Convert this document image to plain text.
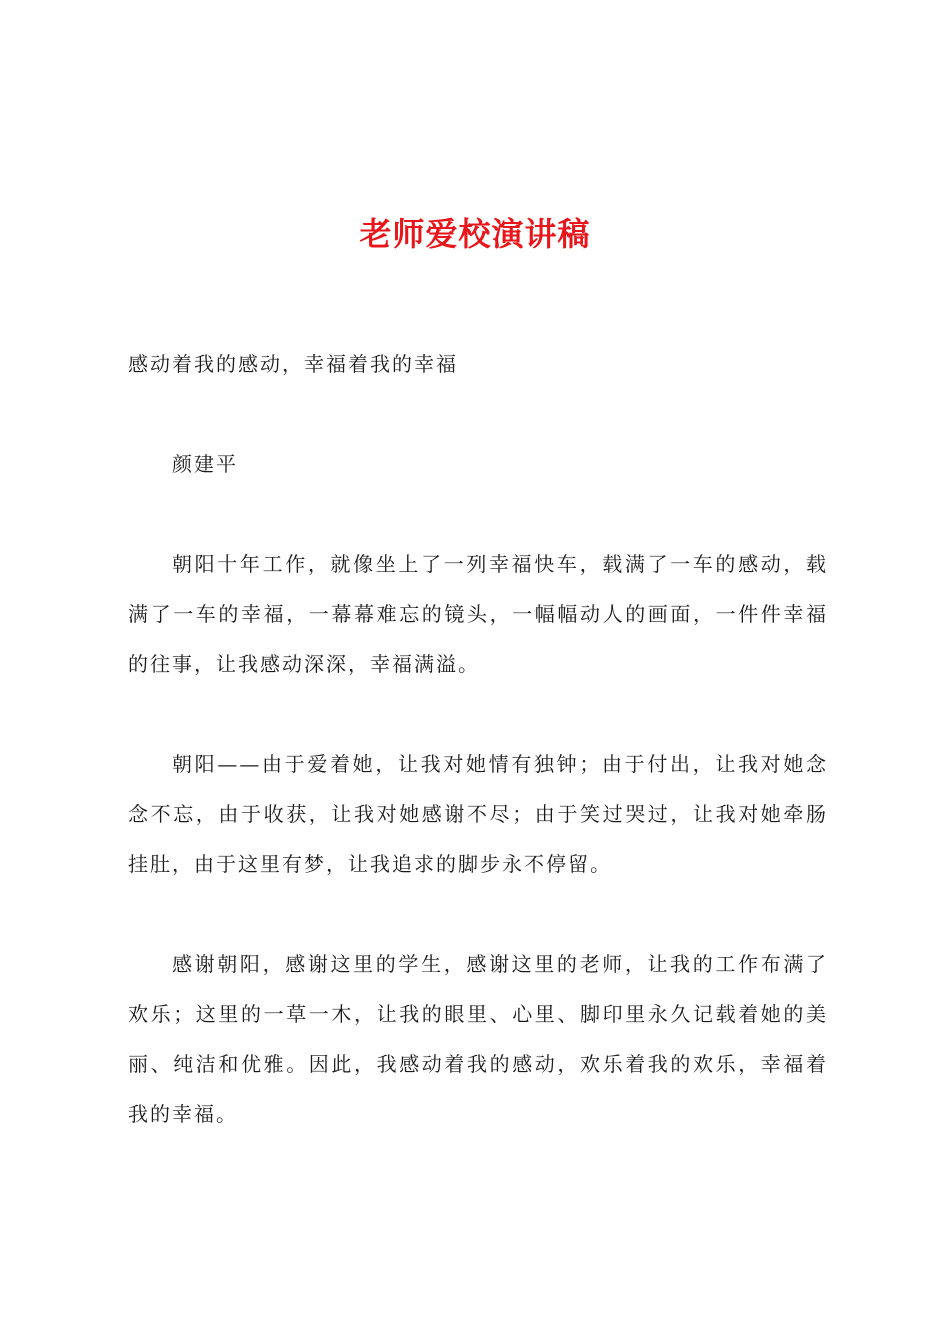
老师爱校演讲稿
感动着我的感动，幸福着我的幸福
颜建平

朝阳十年工作，就像坐上了一列幸福快车，载满了一车的感动，载满了一车的幸福，一幕幕难忘的镜头，一幅幅动人的画面，一件件幸福的往事，让我感动深深，幸福满溢。

朝阳——由于爱着她，让我对她情有独钟；由于付出，让我对她念念不忘，由于收获，让我对她感谢不尽；由于笑过哭过，让我对她牵肠挂肚，由于这里有梦，让我追求的脚步永不停留。

感谢朝阳，感谢这里的学生，感谢这里的老师，让我的工作布满了欢乐；这里的一草一木，让我的眼里、心里、脚印里永久记载着她的美丽、纯洁和优雅。因此，我感动着我的感动，欢乐着我的欢乐，幸福着我的幸福。
